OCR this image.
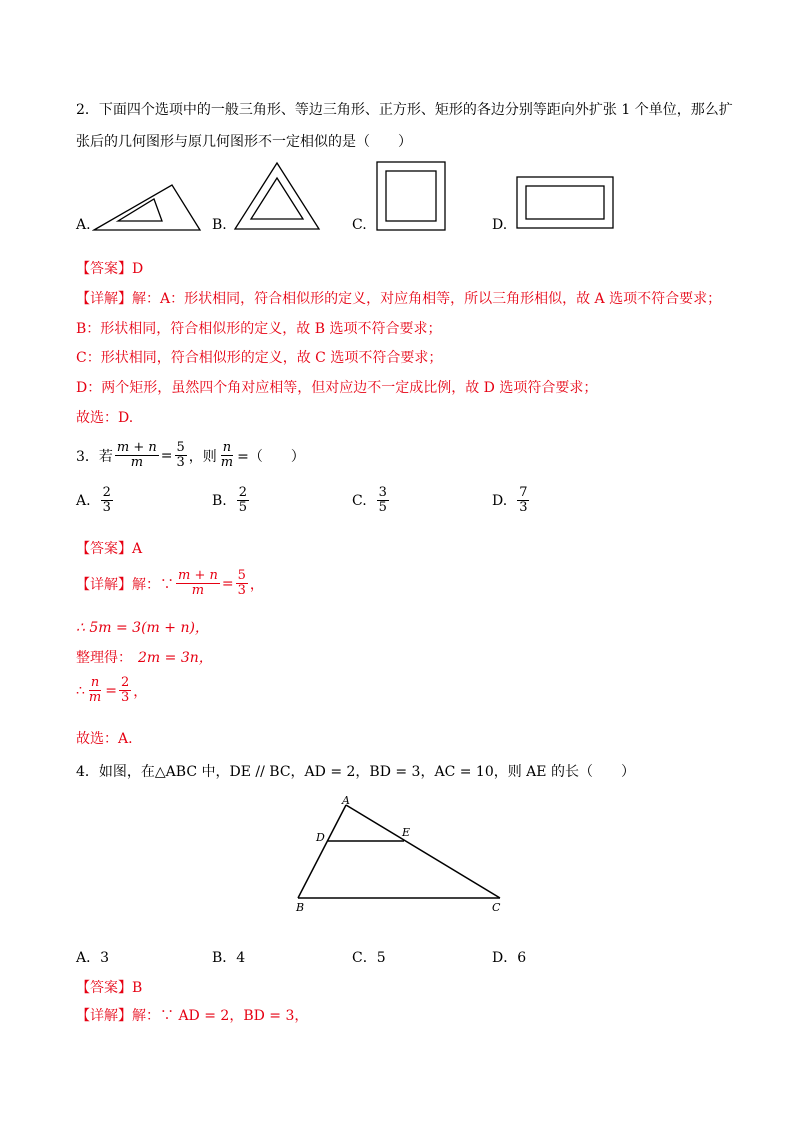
2．下面四个选项中的一般三角形、等边三角形、正方形、矩形的各边分别等距向外扩张 1 个单位，那么扩
张后的几何图形与原几何图形不一定相似的是（　　）
A.	B.	C.	D.
【答案】D
【详解】解：A：形状相同，符合相似形的定义，对应角相等，所以三角形相似，故 A 选项不符合要求；
B：形状相同，符合相似形的定义，故 B 选项不符合要求；
C：形状相同，符合相似形的定义，故 C 选项不符合要求；
D：两个矩形，虽然四个角对应相等，但对应边不一定成比例，故 D 选项符合要求；
故选：D.
3．若 $\frac{m + n}{m} = \frac{5}{3}$ ，则 $\frac{n}{m}$ =（　　）
A. $\frac{2}{3}$	B. $\frac{2}{5}$	C. $\frac{3}{5}$	D. $\frac{7}{3}$
【答案】A
【详解】解：∵ $\frac{m + n}{m} = \frac{5}{3}$ ，
∴ 5m = 3(m + n)，
整理得： 2m = 3n，
∴ $\frac{n}{m} = \frac{2}{3}$ ，
故选：A.
4．如图，在△ABC 中，DE // BC，AD = 2，BD = 3，AC = 10，则 AE 的长（　　）
A
D	E
B	C
A．3	B．4	C．5	D．6
【答案】B
【详解】解：∵ AD = 2，BD = 3，
